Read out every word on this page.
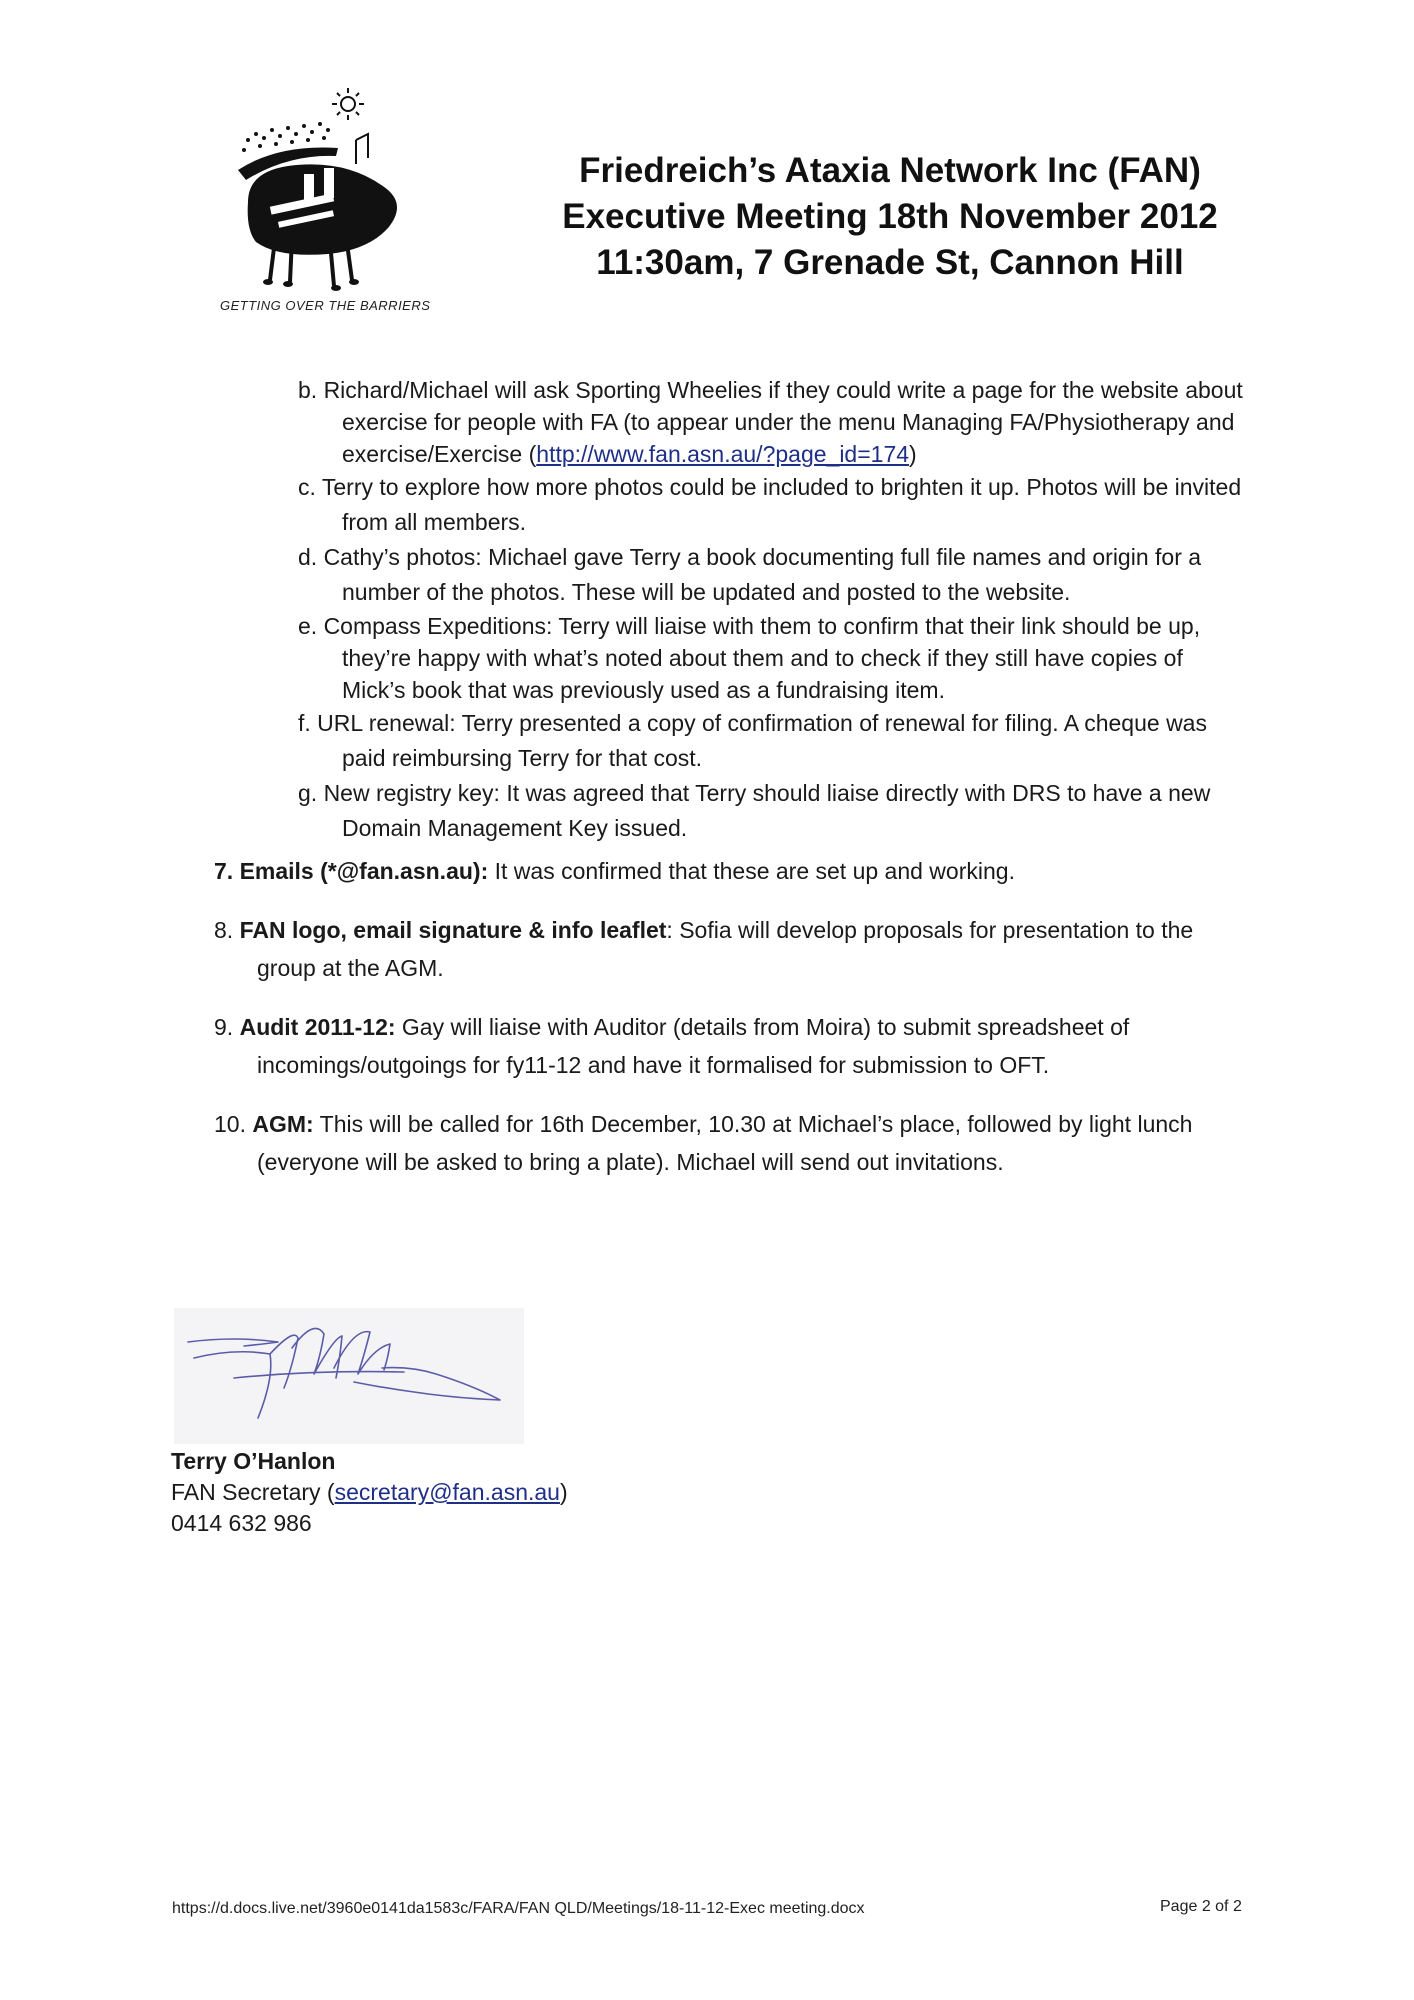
GETTING OVER THE BARRIERS
Friedreich’s Ataxia Network Inc (FAN)
Executive Meeting 18th November 2012
11:30am, 7 Grenade St, Cannon Hill

b. Richard/Michael will ask Sporting Wheelies if they could write a page for the website about exercise for people with FA (to appear under the menu Managing FA/Physiotherapy and exercise/Exercise (http://www.fan.asn.au/?page_id=174)

c. Terry to explore how more photos could be included to brighten it up. Photos will be invited from all members.

d. Cathy’s photos: Michael gave Terry a book documenting full file names and origin for a number of the photos. These will be updated and posted to the website.

e. Compass Expeditions: Terry will liaise with them to confirm that their link should be up, they’re happy with what’s noted about them and to check if they still have copies of Mick’s book that was previously used as a fundraising item.

f. URL renewal: Terry presented a copy of confirmation of renewal for filing. A cheque was paid reimbursing Terry for that cost.

g. New registry key: It was agreed that Terry should liaise directly with DRS to have a new Domain Management Key issued.

7. Emails (*@fan.asn.au): It was confirmed that these are set up and working.

8. FAN logo, email signature & info leaflet: Sofia will develop proposals for presentation to the group at the AGM.

9. Audit 2011-12: Gay will liaise with Auditor (details from Moira) to submit spreadsheet of incomings/outgoings for fy11-12 and have it formalised for submission to OFT.

10. AGM: This will be called for 16th December, 10.30 at Michael’s place, followed by light lunch (everyone will be asked to bring a plate). Michael will send out invitations.

Terry O’Hanlon
FAN Secretary (secretary@fan.asn.au)
0414 632 986
https://d.docs.live.net/3960e0141da1583c/FARA/FAN QLD/Meetings/18-11-12-Exec meeting.docx	Page 2 of 2
